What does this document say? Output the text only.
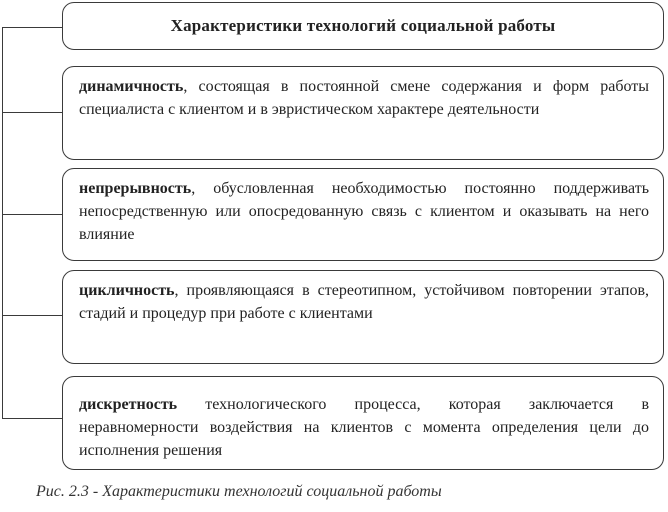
Характеристики технологий социальной работы

динамичность, состоящая в постоянной смене содержания и форм работы специалиста с клиентом и в эвристическом характере деятельности

непрерывность, обусловленная необходимостью постоянно поддерживать непосредственную или опосредованную связь с клиентом и оказывать на него влияние

цикличность, проявляющаяся в стереотипном, устойчивом повторении этапов, стадий и процедур при работе с клиентами

дискретность технологического процесса, которая заключается в неравномерности воздействия на клиентов с момента определения цели до исполнения решения

Рис. 2.3 - Характеристики технологий социальной работы
